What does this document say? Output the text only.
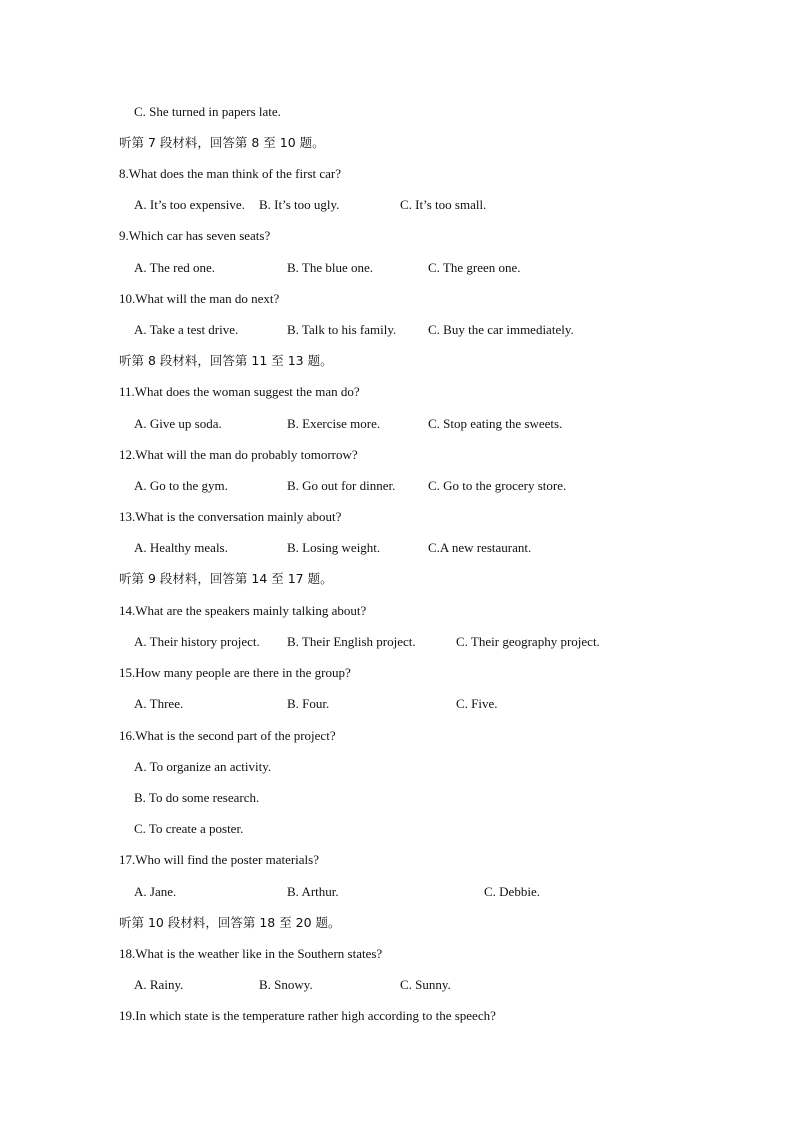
C. She turned in papers late.
听第 7 段材料，回答第 8 至 10 题。
8.What does the man think of the first car?
A. It’s too expensive. B. It’s too ugly.	C. It’s too small.
9.Which car has seven seats?
A. The red one.	B. The blue one.	C. The green one.
10.What will the man do next?
A. Take a test drive.	B. Talk to his family. C. Buy the car immediately.
听第 8 段材料，回答第 11 至 13 题。
11.What does the woman suggest the man do?
A. Give up soda.	B. Exercise more.	C. Stop eating the sweets.
12.What will the man do probably tomorrow?
A. Go to the gym.	B. Go out for dinner.	C. Go to the grocery store.
13.What is the conversation mainly about?
A. Healthy meals.	B. Losing weight.	C.A new restaurant.
听第 9 段材料，回答第 14 至 17 题。
14.What are the speakers mainly talking about?
A. Their history project. B. Their English project.	C. Their geography project.
15.How many people are there in the group?
A. Three.	B. Four.	C. Five.
16.What is the second part of the project?
A. To organize an activity.
B. To do some research.
C. To create a poster.
17.Who will find the poster materials?
A. Jane.	B. Arthur.	C. Debbie.
听第 10 段材料，回答第 18 至 20 题。
18.What is the weather like in the Southern states?
A. Rainy.	B. Snowy.	C. Sunny.
19.In which state is the temperature rather high according to the speech?
